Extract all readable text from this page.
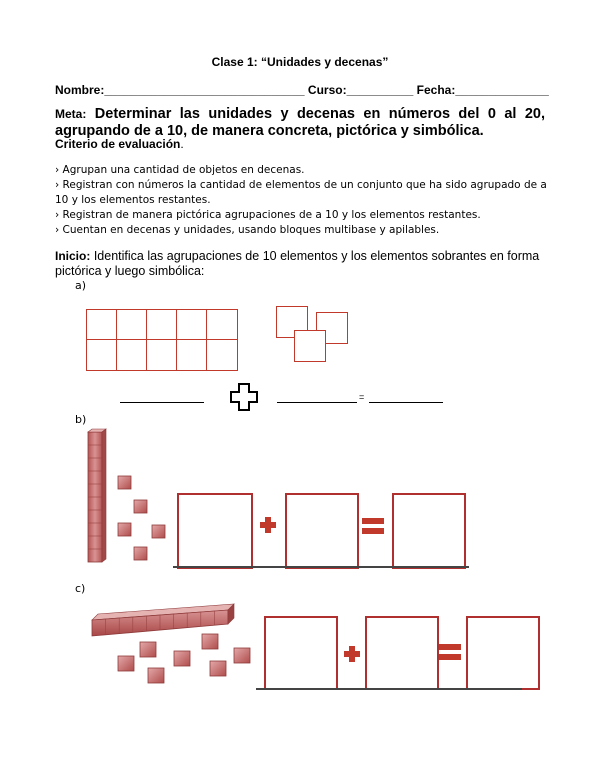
Clase 1: “Unidades y decenas”
Nombre:______________________________ Curso:__________ Fecha:______________
Meta: Determinar las unidades y decenas en números del 0 al 20, agrupando de a 10, de manera concreta, pictórica y simbólica.
Criterio de evaluación.
› Agrupan una cantidad de objetos en decenas.
› Registran con números la cantidad de elementos de un conjunto que ha sido agrupado de a 10 y los elementos restantes.
› Registran de manera pictórica agrupaciones de a 10 y los elementos restantes.
› Cuentan en decenas y unidades, usando bloques multibase y apilables.
Inicio: Identifica las agrupaciones de 10 elementos y los elementos sobrantes en forma pictórica y luego simbólica:
a)
=
b)
c)
